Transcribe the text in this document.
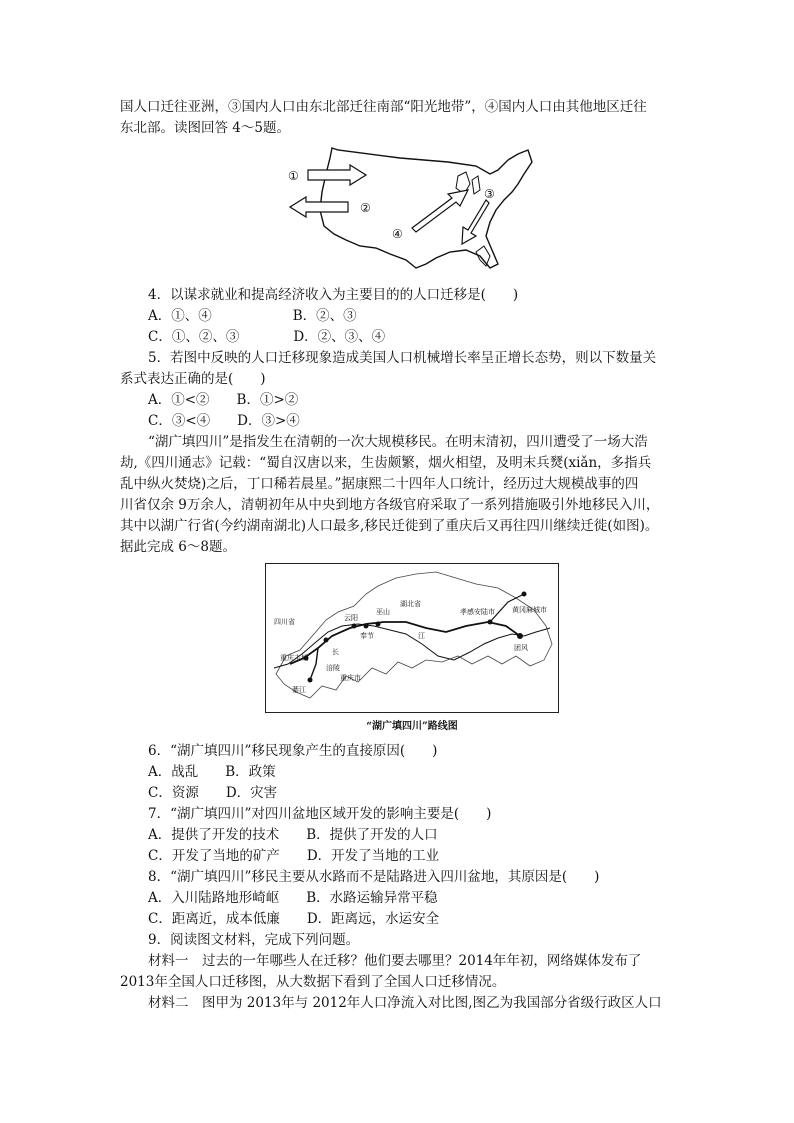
国人口迁往亚洲，③国内人口由东北部迁往南部“阳光地带”，④国内人口由其他地区迁往
东北部。读图回答 4～5题。
①
②
③
④
4．以谋求就业和提高经济收入为主要目的的人口迁移是(　　)
A．①、④　　　　　　B．②、③
C．①、②、③　　　　D．②、③、④
5．若图中反映的人口迁移现象造成美国人口机械增长率呈正增长态势，则以下数量关
系式表达正确的是(　　)
A．①<②　　B．①>②
C．③<④　　D．③>④
“湖广填四川”是指发生在清朝的一次大规模移民。在明末清初，四川遭受了一场大浩
劫,《四川通志》记载：“蜀自汉唐以来，生齿颇繁，烟火相望，及明末兵燹(xiǎn，多指兵
乱中纵火焚烧)之后，丁口稀若晨星。”据康熙二十四年人口统计，经历过大规模战事的四
川省仅余 9万余人，清朝初年从中央到地方各级官府采取了一系列措施吸引外地移民入川，
其中以湖广行省(今约湖南湖北)人口最多,移民迁徙到了重庆后又再往四川继续迁徙(如图)。
据此完成 6～8题。
四川省
湖北省
云阳
巫山
奉节	江
长
孝感安陆市 黄冈麻城市
团风
重庆主城
涪陵
重庆市
綦江
“湖广填四川”路线图
6．“湖广填四川”移民现象产生的直接原因(　　)
A．战乱　　B．政策
C．资源　　D．灾害
7．“湖广填四川”对四川盆地区域开发的影响主要是(　　)
A．提供了开发的技术　　B．提供了开发的人口
C．开发了当地的矿产　　D．开发了当地的工业
8．“湖广填四川”移民主要从水路而不是陆路进入四川盆地，其原因是(　　)
A．入川陆路地形崎岖　　B．水路运输异常平稳
C．距离近，成本低廉　　D．距离远，水运安全
9．阅读图文材料，完成下列问题。
材料一　过去的一年哪些人在迁移？他们要去哪里？2014年年初，网络媒体发布了
2013年全国人口迁移图，从大数据下看到了全国人口迁移情况。
材料二　图甲为 2013年与 2012年人口净流入对比图,图乙为我国部分省级行政区人口
